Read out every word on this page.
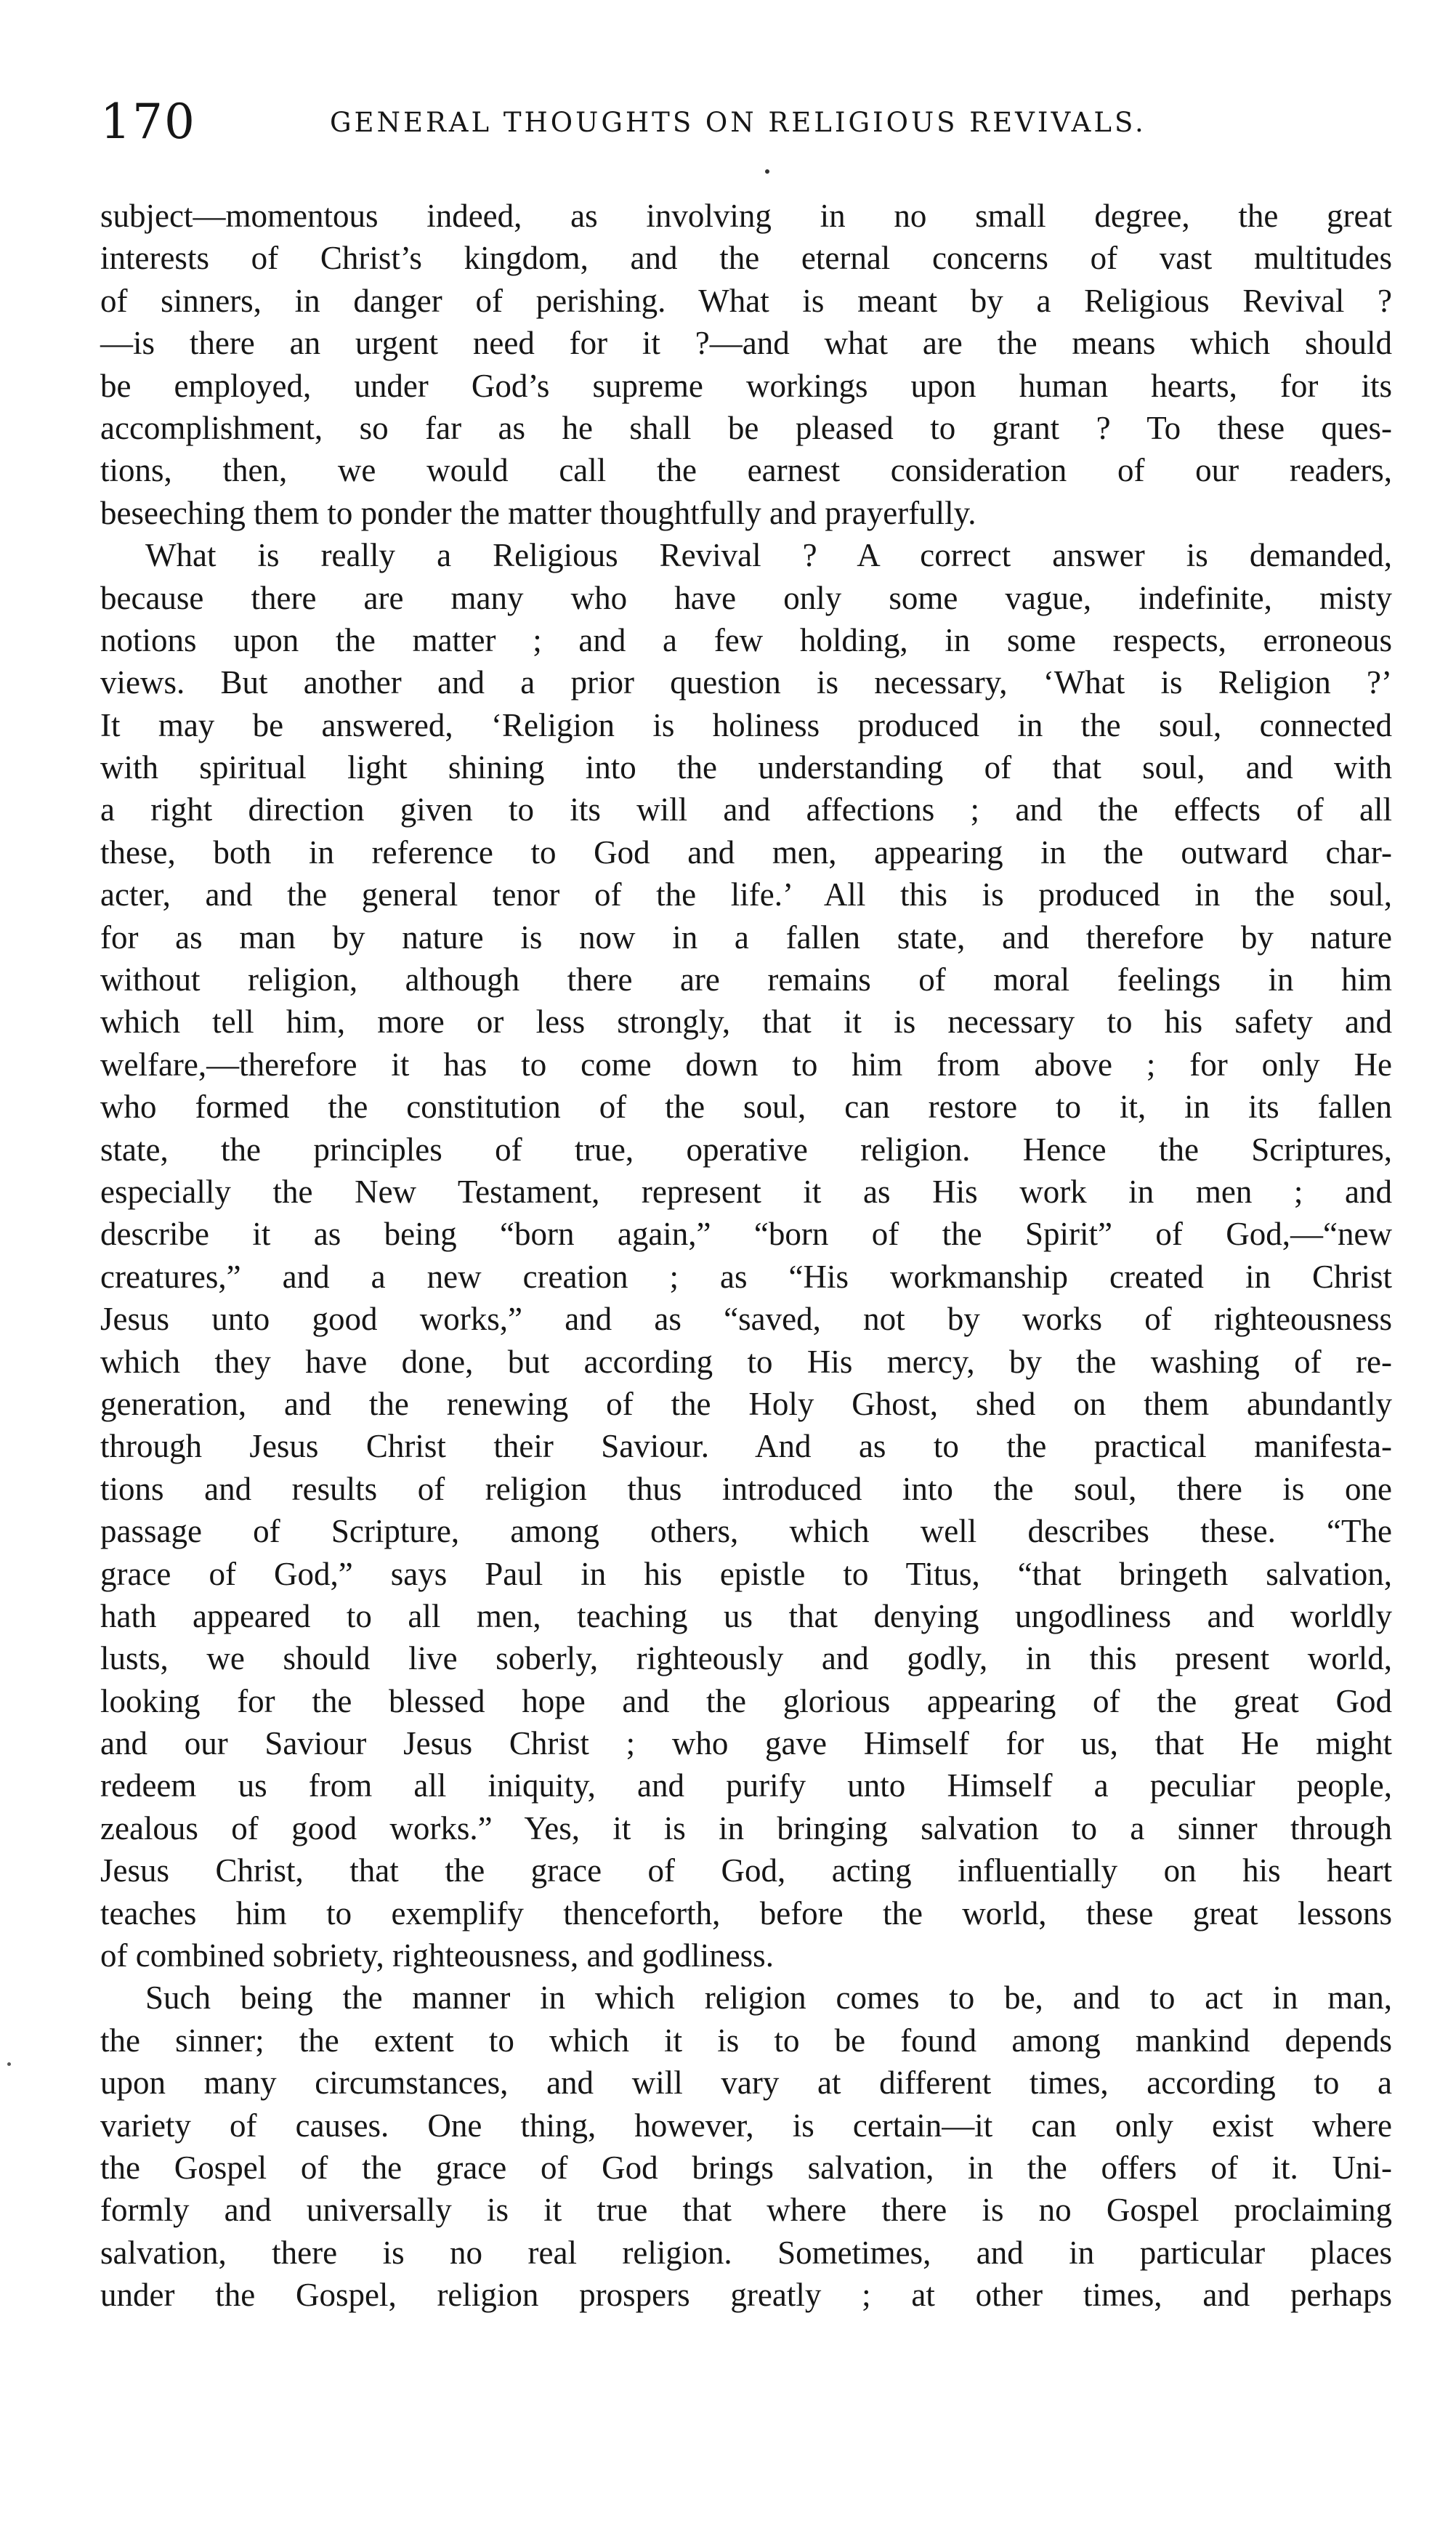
170	GENERAL THOUGHTS ON RELIGIOUS REVIVALS.
subject—momentous indeed, as involving in no small degree, the great
interests of Christ’s kingdom, and the eternal concerns of vast multitudes
of sinners, in danger of perishing. What is meant by a Religious Revival ?
—is there an urgent need for it ?—and what are the means which should
be employed, under God’s supreme workings upon human hearts, for its
accomplishment, so far as he shall be pleased to grant ? To these ques-
tions, then, we would call the earnest consideration of our readers,
beseeching them to ponder the matter thoughtfully and prayerfully.
What is really a Religious Revival ? A correct answer is demanded,
because there are many who have only some vague, indefinite, misty
notions upon the matter ; and a few holding, in some respects, erroneous
views. But another and a prior question is necessary, ‘What is Religion ?’
It may be answered, ‘Religion is holiness produced in the soul, connected
with spiritual light shining into the understanding of that soul, and with
a right direction given to its will and affections ; and the effects of all
these, both in reference to God and men, appearing in the outward char-
acter, and the general tenor of the life.’ All this is produced in the soul,
for as man by nature is now in a fallen state, and therefore by nature
without religion, although there are remains of moral feelings in him
which tell him, more or less strongly, that it is necessary to his safety and
welfare,—therefore it has to come down to him from above ; for only He
who formed the constitution of the soul, can restore to it, in its fallen
state, the principles of true, operative religion. Hence the Scriptures,
especially the New Testament, represent it as His work in men ; and
describe it as being “born again,” “born of the Spirit” of God,—“new
creatures,” and a new creation ; as “His workmanship created in Christ
Jesus unto good works,” and as “saved, not by works of righteousness
which they have done, but according to His mercy, by the washing of re-
generation, and the renewing of the Holy Ghost, shed on them abundantly
through Jesus Christ their Saviour. And as to the practical manifesta-
tions and results of religion thus introduced into the soul, there is one
passage of Scripture, among others, which well describes these. “The
grace of God,” says Paul in his epistle to Titus, “that bringeth salvation,
hath appeared to all men, teaching us that denying ungodliness and worldly
lusts, we should live soberly, righteously and godly, in this present world,
looking for the blessed hope and the glorious appearing of the great God
and our Saviour Jesus Christ ; who gave Himself for us, that He might
redeem us from all iniquity, and purify unto Himself a peculiar people,
zealous of good works.” Yes, it is in bringing salvation to a sinner through
Jesus Christ, that the grace of God, acting influentially on his heart
teaches him to exemplify thenceforth, before the world, these great lessons
of combined sobriety, righteousness, and godliness.
Such being the manner in which religion comes to be, and to act in man,
the sinner; the extent to which it is to be found among mankind depends
upon many circumstances, and will vary at different times, according to a
variety of causes. One thing, however, is certain—it can only exist where
the Gospel of the grace of God brings salvation, in the offers of it. Uni-
formly and universally is it true that where there is no Gospel proclaiming
salvation, there is no real religion. Sometimes, and in particular places
under the Gospel, religion prospers greatly ; at other times, and perhaps
